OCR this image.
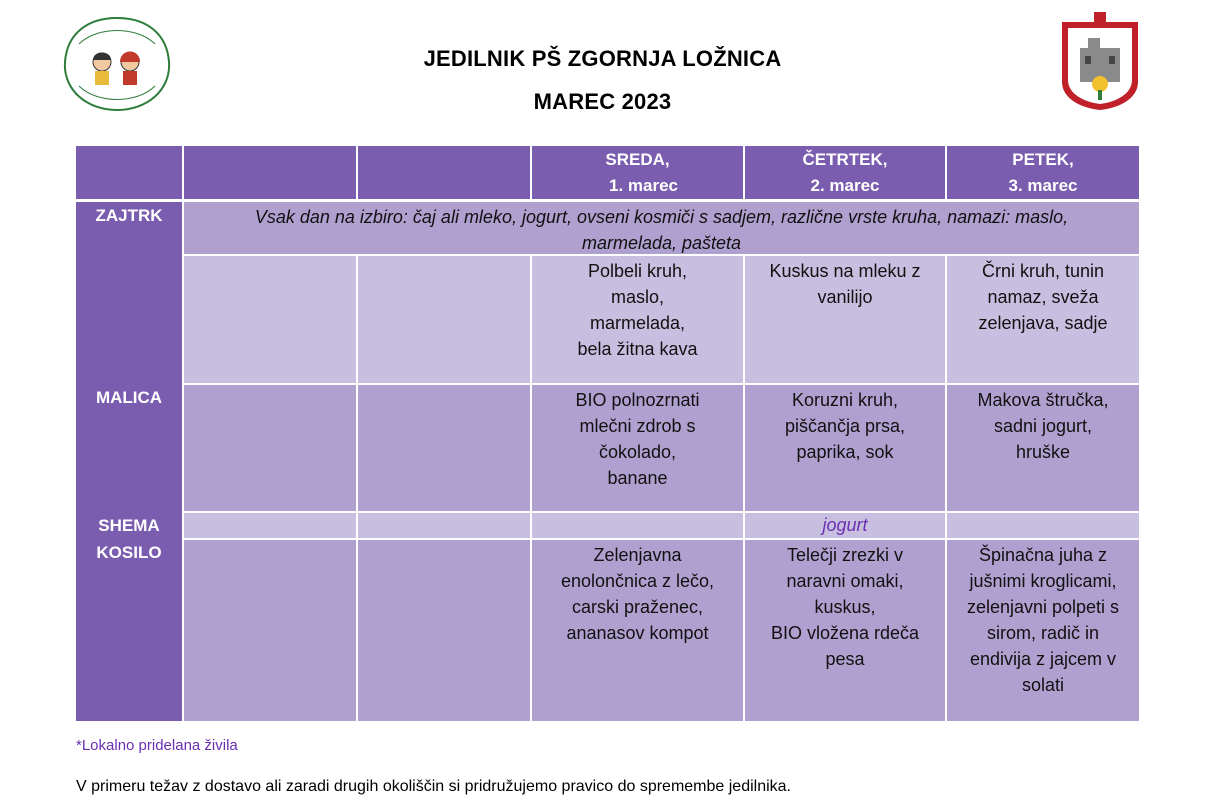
JEDILNIK PŠ ZGORNJA LOŽNICA
MAREC 2023
SREDA,
1. marec
ČETRTEK,
2. marec
PETEK,
3. marec
Vsak dan na izbiro: čaj ali mleko, jogurt, ovseni kosmiči s sadjem, različne vrste kruha, namazi: maslo, marmelada, pašteta
Polbeli kruh,
maslo,
marmelada,
bela žitna kava
Kuskus na mleku z
vanilijo
Črni kruh, tunin
namaz, sveža
zelenjava, sadje
BIO polnozrnati
mlečni zdrob s
čokolado,
banane
Koruzni kruh,
piščančja prsa,
paprika, sok
Makova štručka,
sadni jogurt,
hruške
jogurt
Zelenjavna
enolončnica z lečo,
carski praženec,
ananasov kompot
Telečji zrezki v
naravni omaki,
kuskus,
BIO vložena rdeča
pesa
Špinačna juha z
jušnimi kroglicami,
zelenjavni polpeti s
sirom, radič in
endivija z jajcem v
solati
ZAJTRK
MALICA
SHEMA
KOSILO
*Lokalno pridelana živila
V primeru težav z dostavo ali zaradi drugih okoliščin si pridružujemo pravico do spremembe jedilnika.
